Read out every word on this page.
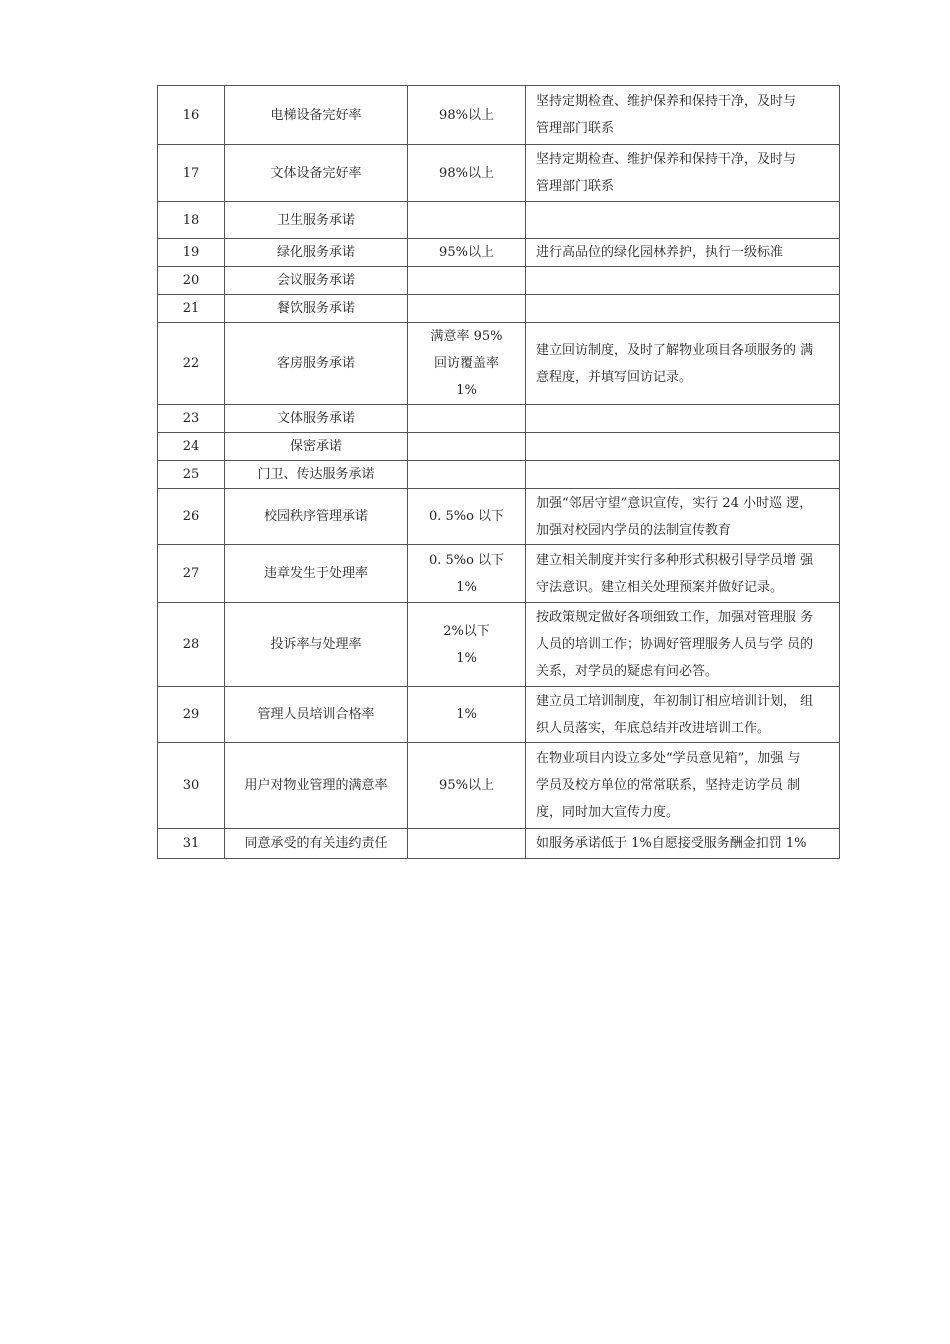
16	电梯设备完好率	98%以上	坚持定期检查、维护保养和保持干净，及时与
管理部门联系

17	文体设备完好率	98%以上	坚持定期检查、维护保养和保持干净，及时与
管理部门联系

18	卫生服务承诺		
19	绿化服务承诺	95%以上	进行高品位的绿化园林养护，执行一级标准

20	会议服务承诺		
21	餐饮服务承诺		
22	客房服务承诺	满意率 95%
回访覆盖率
1%	建立回访制度，及时了解物业项目各项服务的 满
意程度，并填写回访记录。

23	文体服务承诺		
24	保密承诺		
25	门卫、传达服务承诺		
26	校园秩序管理承诺	0. 5%o 以下	加强“邻居守望”意识宣传，实行 24 小时巡 逻，
加强对校园内学员的法制宣传教育

27	违章发生于处理率	0. 5%o 以下
1%	建立相关制度并实行多种形式积极引导学员增 强
守法意识。建立相关处理预案并做好记录。

28	投诉率与处理率	2%以下
1%	按政策规定做好各项细致工作，加强对管理服 务
人员的培训工作；协调好管理服务人员与学 员的
关系，对学员的疑虑有问必答。

29	管理人员培训合格率	1%	建立员工培训制度，年初制订相应培训计划， 组
织人员落实，年底总结并改进培训工作。

30	用户对物业管理的满意率	95%以上	在物业项目内设立多处“学员意见箱”，加强 与
学员及校方单位的常常联系，坚持走访学员 制
度，同时加大宣传力度。

31	同意承受的有关违约责任		如服务承诺低于 1%自愿接受服务酬金扣罚 1%
